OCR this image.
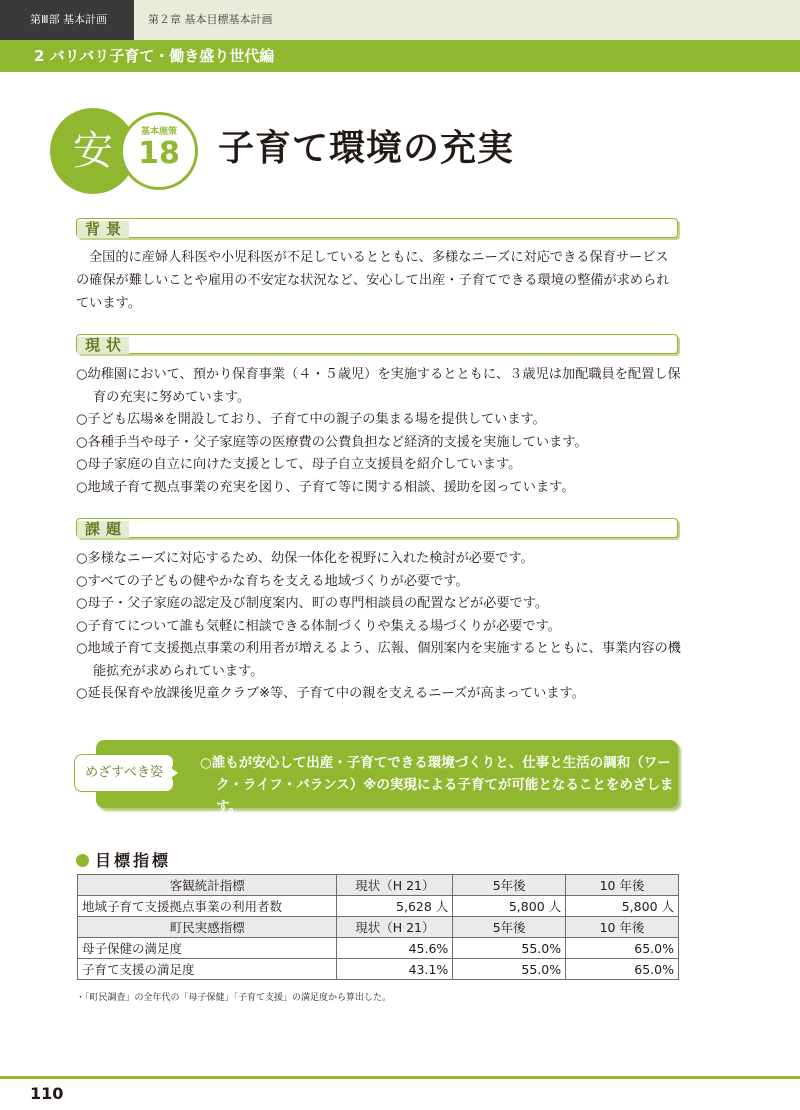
第Ⅲ部 基本計画	第２章 基本目標基本計画
2 バリバリ子育て・働き盛り世代編
安	基本施策
18	子育て環境の充実
背景
全国的に産婦人科医や小児科医が不足しているとともに、多様なニーズに対応できる保育サービスの確保が難しいことや雇用の不安定な状況など、安心して出産・子育てできる環境の整備が求められています。
現状
○幼稚園において、預かり保育事業（４・５歳児）を実施するとともに、３歳児は加配職員を配置し保育の充実に努めています。
○子ども広場※を開設しており、子育て中の親子の集まる場を提供しています。
○各種手当や母子・父子家庭等の医療費の公費負担など経済的支援を実施しています。
○母子家庭の自立に向けた支援として、母子自立支援員を紹介しています。
○地域子育て拠点事業の充実を図り、子育て等に関する相談、援助を図っています。
課題
○多様なニーズに対応するため、幼保一体化を視野に入れた検討が必要です。
○すべての子どもの健やかな育ちを支える地域づくりが必要です。
○母子・父子家庭の認定及び制度案内、町の専門相談員の配置などが必要です。
○子育てについて誰も気軽に相談できる体制づくりや集える場づくりが必要です。
○地域子育て支援拠点事業の利用者が増えるよう、広報、個別案内を実施するとともに、事業内容の機能拡充が求められています。
○延長保育や放課後児童クラブ※等、子育て中の親を支えるニーズが高まっています。
めざすべき姿
○誰もが安心して出産・子育てできる環境づくりと、仕事と生活の調和（ワーク・ライフ・バランス）※の実現による子育てが可能となることをめざします。
目標指標
客観統計指標	現状（H 21）	5年後	10 年後
地域子育て支援拠点事業の利用者数	5,628 人	5,800 人	5,800 人
町民実感指標	現状（H 21）	5年後	10 年後
母子保健の満足度	45.6%	55.0%	65.0%
子育て支援の満足度	43.1%	55.0%	65.0%
・「町民調査」の全年代の「母子保健」「子育て支援」の満足度から算出した。
110
